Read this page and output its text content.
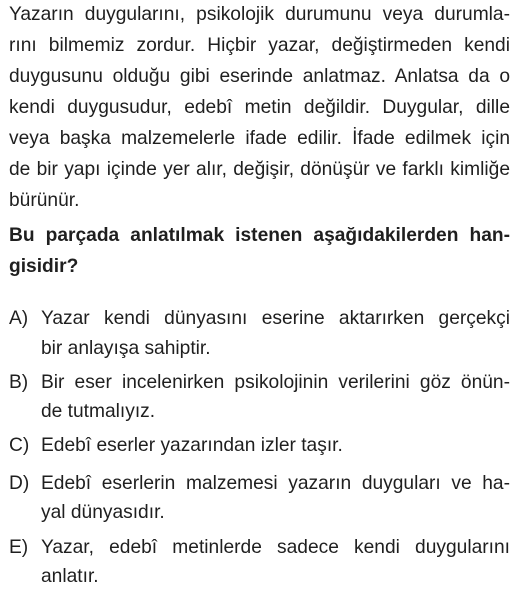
Yazarın duygularını, psikolojik durumunu veya durumla-
rını bilmemiz zordur. Hiçbir yazar, değiştirmeden kendi
duygusunu olduğu gibi eserinde anlatmaz. Anlatsa da o
kendi duygusudur, edebî metin değildir. Duygular, dille
veya başka malzemelerle ifade edilir. İfade edilmek için
de bir yapı içinde yer alır, değişir, dönüşür ve farklı kimliğe
bürünür.
Bu parçada anlatılmak istenen aşağıdakilerden han-
gisidir?
A) Yazar kendi dünyasını eserine aktarırken gerçekçi
bir anlayışa sahiptir.
B) Bir eser incelenirken psikolojinin verilerini göz önün-
de tutmalıyız.
C) Edebî eserler yazarından izler taşır.
D) Edebî eserlerin malzemesi yazarın duyguları ve ha-
yal dünyasıdır.
E) Yazar, edebî metinlerde sadece kendi duygularını
anlatır.
